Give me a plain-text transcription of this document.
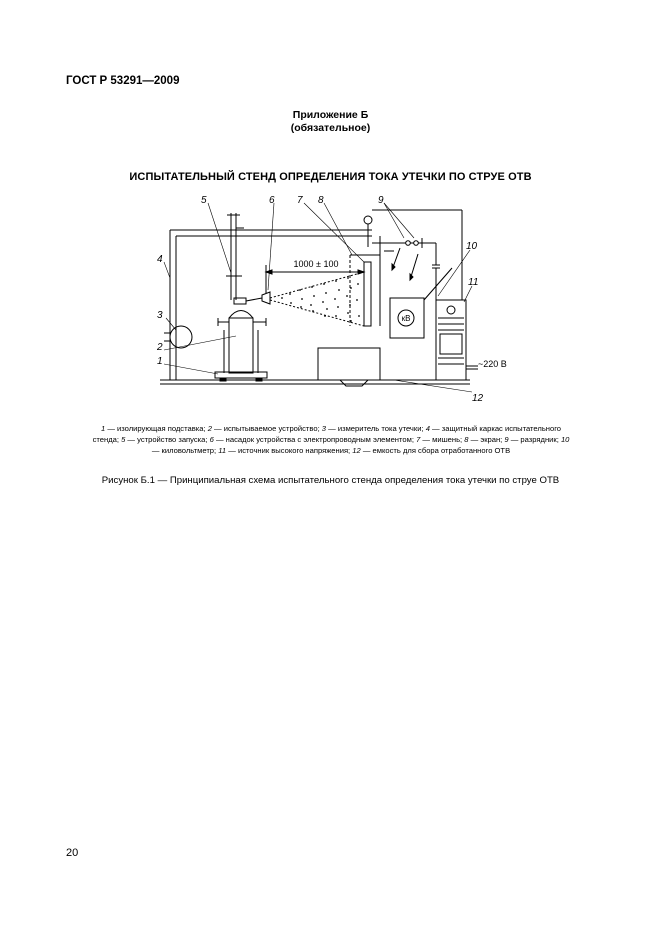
ГОСТ Р 53291—2009
Приложение Б
(обязательное)
ИСПЫТАТЕЛЬНЫЙ СТЕНД ОПРЕДЕЛЕНИЯ ТОКА УТЕЧКИ ПО СТРУЕ ОТВ
кВ
5	6 7 8	9
10
11
4
3
2
1
12
1000 ± 100
~220 В
1 — изолирующая подставка; 2 — испытываемое устройство; 3 — измеритель тока утечки; 4 — защитный каркас испытательного стенда; 5 — устройство запуска; 6 — насадок устройства с электропроводным элементом; 7 — мишень; 8 — экран; 9 — разрядник; 10 — киловольтметр; 11 — источник высокого напряжения; 12 — емкость для сбора отработанного ОТВ
Рисунок Б.1 — Принципиальная схема испытательного стенда определения тока утечки по струе ОТВ
20
